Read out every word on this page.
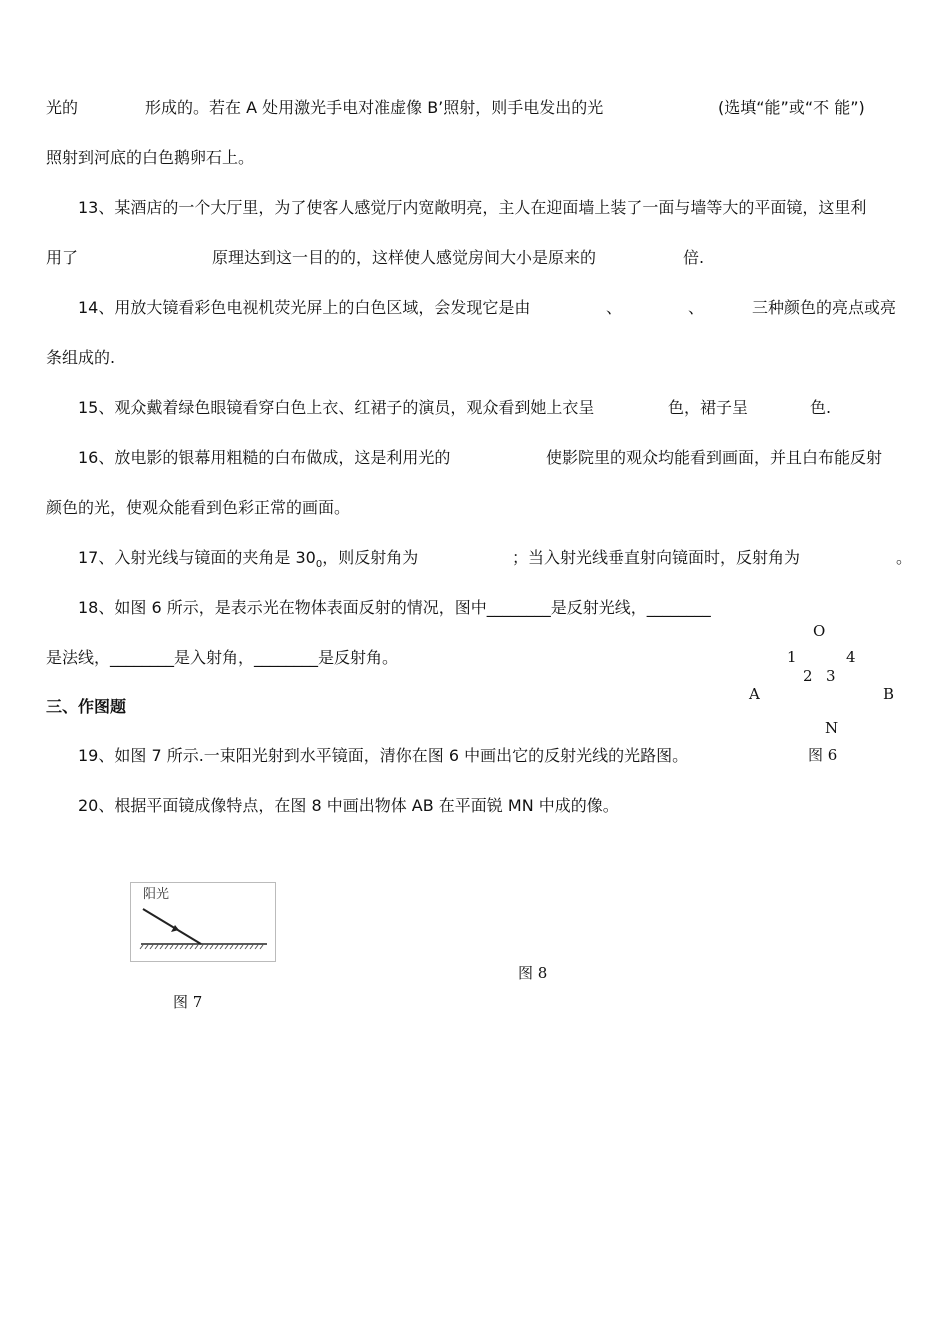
光的	形成的。若在 A 处用激光手电对准虚像 B’照射，则手电发出的光	(选填“能”或“不 能”)
照射到河底的白色鹅卵石上。
13、某酒店的一个大厅里，为了使客人感觉厅内宽敞明亮，主人在迎面墙上装了一面与墙等大的平面镜，这里利
用了	原理达到这一目的的，这样使人感觉房间大小是原来的	倍.
14、用放大镜看彩色电视机荧光屏上的白色区域，会发现它是由	、	、	三种颜色的亮点或亮
条组成的.
15、观众戴着绿色眼镜看穿白色上衣、红裙子的演员，观众看到她上衣呈	色，裙子呈	色.
16、放电影的银幕用粗糙的白布做成，这是利用光的	使影院里的观众均能看到画面，并且白布能反射
颜色的光，使观众能看到色彩正常的画面。
17、入射光线与镜面的夹角是 $30_0$，则反射角为	；当入射光线垂直射向镜面时，反射角为	。
18、如图 6 所示，是表示光在物体表面反射的情况，图中________是反射光线，________
是法线，________是入射角，________是反射角。
O
1	4
2 3
A	B
N
图 6
三、作图题
19、如图 7 所示.一束阳光射到水平镜面，清你在图 6 中画出它的反射光线的光路图。
20、根据平面镜成像特点，在图 8 中画出物体 AB 在平面锐 MN 中成的像。
阳光
图 7
图 8
